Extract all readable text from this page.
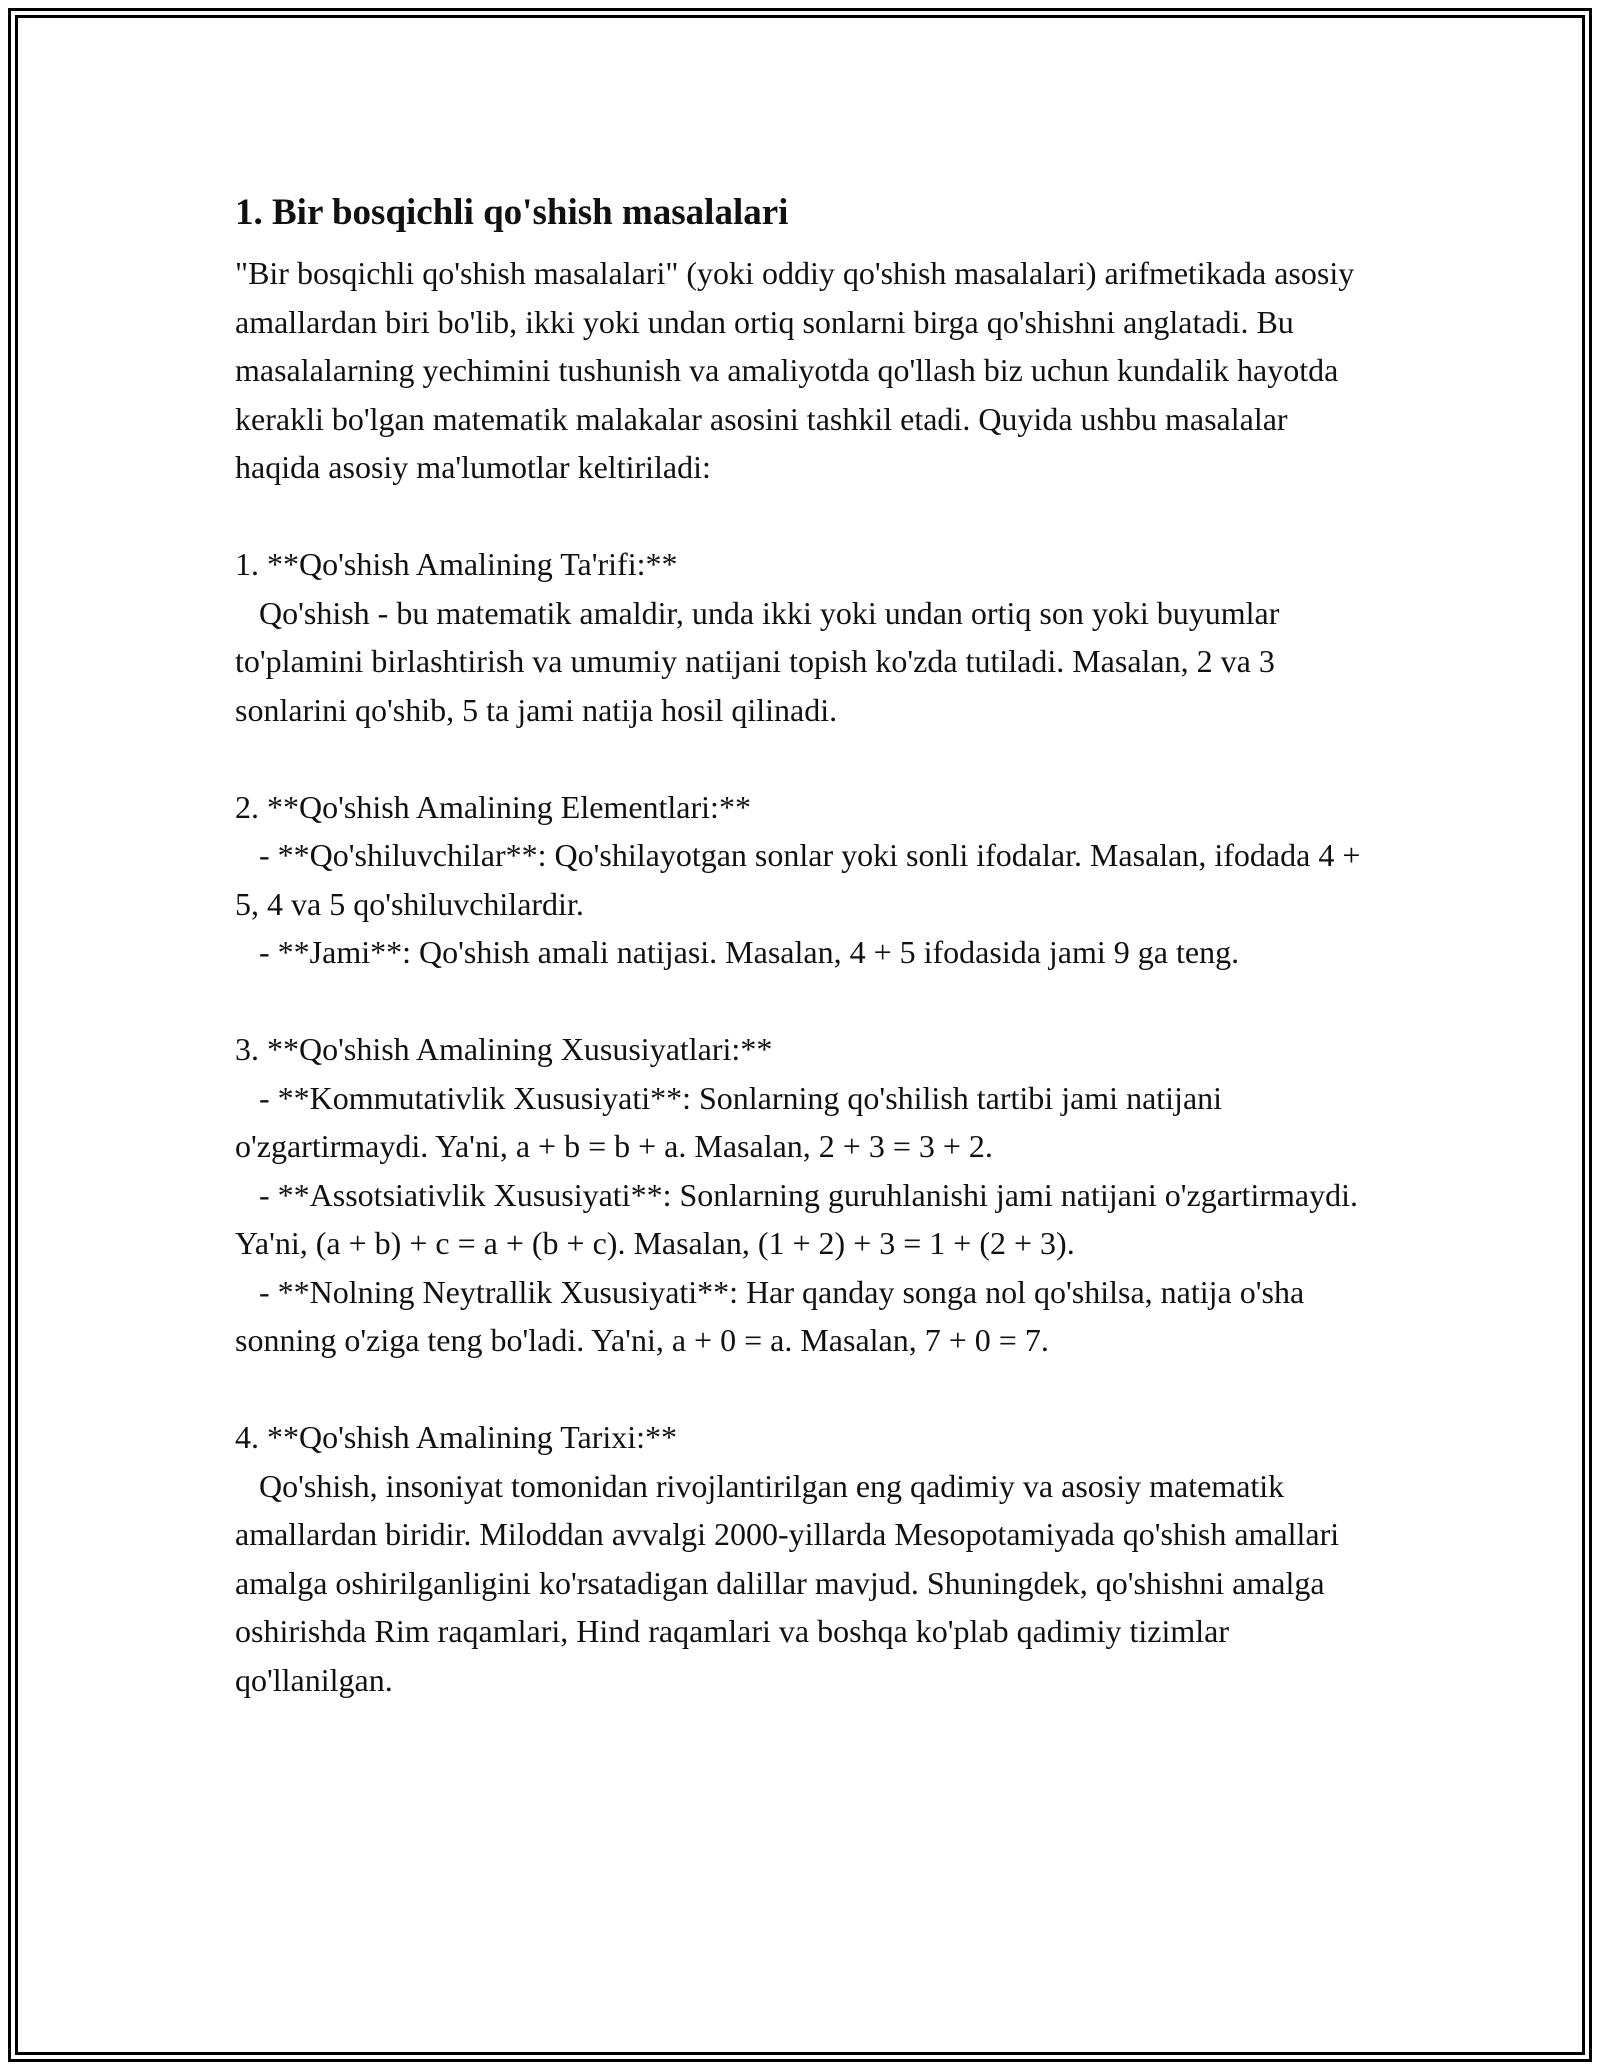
1. Bir bosqichli qo'shish masalalari

"Bir bosqichli qo'shish masalalari" (yoki oddiy qo'shish masalalari) arifmetikada asosiy amallardan biri bo'lib, ikki yoki undan ortiq sonlarni birga qo'shishni anglatadi. Bu masalalarning yechimini tushunish va amaliyotda qo'llash biz uchun kundalik hayotda kerakli bo'lgan matematik malakalar asosini tashkil etadi. Quyida ushbu masalalar haqida asosiy ma'lumotlar keltiriladi:

1. **Qo'shish Amalining Ta'rifi:**
Qo'shish - bu matematik amaldir, unda ikki yoki undan ortiq son yoki buyumlar to'plamini birlashtirish va umumiy natijani topish ko'zda tutiladi. Masalan, 2 va 3 sonlarini qo'shib, 5 ta jami natija hosil qilinadi.

2. **Qo'shish Amalining Elementlari:**
- **Qo'shiluvchilar**: Qo'shilayotgan sonlar yoki sonli ifodalar. Masalan, ifodada 4 + 5, 4 va 5 qo'shiluvchilardir.
- **Jami**: Qo'shish amali natijasi. Masalan, 4 + 5 ifodasida jami 9 ga teng.

3. **Qo'shish Amalining Xususiyatlari:**
- **Kommutativlik Xususiyati**: Sonlarning qo'shilish tartibi jami natijani o'zgartirmaydi. Ya'ni, a + b = b + a. Masalan, 2 + 3 = 3 + 2.
- **Assotsiativlik Xususiyati**: Sonlarning guruhlanishi jami natijani o'zgartirmaydi. Ya'ni, (a + b) + c = a + (b + c). Masalan, (1 + 2) + 3 = 1 + (2 + 3).
- **Nolning Neytrallik Xususiyati**: Har qanday songa nol qo'shilsa, natija o'sha sonning o'ziga teng bo'ladi. Ya'ni, a + 0 = a. Masalan, 7 + 0 = 7.

4. **Qo'shish Amalining Tarixi:**
Qo'shish, insoniyat tomonidan rivojlantirilgan eng qadimiy va asosiy matematik amallardan biridir. Miloddan avvalgi 2000-yillarda Mesopotamiyada qo'shish amallari amalga oshirilganligini ko'rsatadigan dalillar mavjud. Shuningdek, qo'shishni amalga oshirishda Rim raqamlari, Hind raqamlari va boshqa ko'plab qadimiy tizimlar qo'llanilgan.
